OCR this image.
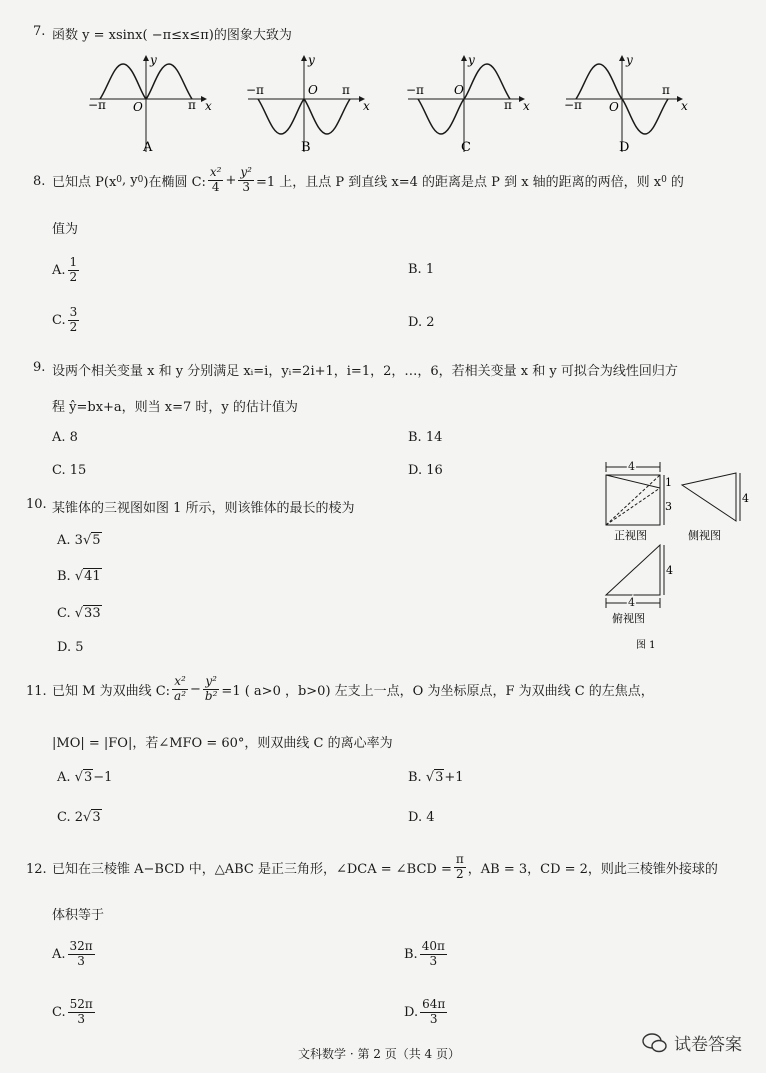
7. 函数 y = xsinx( −π≤x≤π)的图象大致为
−π	π
O	x
y
A
−π	π
O
x
y
B
−π
π
O
x
y
C
−π
π
O	x
y
D
8. 已知点 P(x 0 , y 0 )在椭圆 C: $\frac{\text{x²}}{4} + \frac{\text{y²}}{3} =1$ 上，且点 P 到直线 x=4 的距离是点 P 到 x 轴的距离的两倍，则 x 0 的
值为
A. $\frac{1}{2}$	B. 1
C. $\frac{3}{2}$	D. 2
9. 设两个相关变量 x 和 y 分别满足 xᵢ=i，yᵢ=2i+1，i=1，2，…，6，若相关变量 x 和 y 可拟合为线性回归方
程 ŷ=bx+a，则当 x=7 时，y 的估计值为
A. 8	B. 14
C. 15	D. 16
10. 某锥体的三视图如图 1 所示，则该锥体的最长的棱为
A. 3√5
B. √41
C. √33
D. 5
4
1
3
4
4
4
正视图	侧视图
俯视图
图 1
11. 已知 M 为双曲线 C: $\frac{\text{x²}}{\text{a²}} - \frac{\text{y²}}{\text{b²}} =1$ ( a>0 ，b>0) 左支上一点，O 为坐标原点，F 为双曲线 C 的左焦点，
|MO| = |FO|，若∠MFO = 60°，则双曲线 C 的离心率为
A. √3−1	B. √3+1
C. 2√3	D. 4
12. 已知在三棱锥 A−BCD 中，△ABC 是正三角形，∠DCA = ∠BCD = $\frac{\pi}{2}$ ，AB = 3，CD = 2，则此三棱锥外接球的
体积等于
A. $\frac{32\pi}{3}$	B. $\frac{40\pi}{3}$
C. $\frac{52\pi}{3}$	D. $\frac{64\pi}{3}$
文科数学 · 第 2 页（共 4 页）	试卷答案
